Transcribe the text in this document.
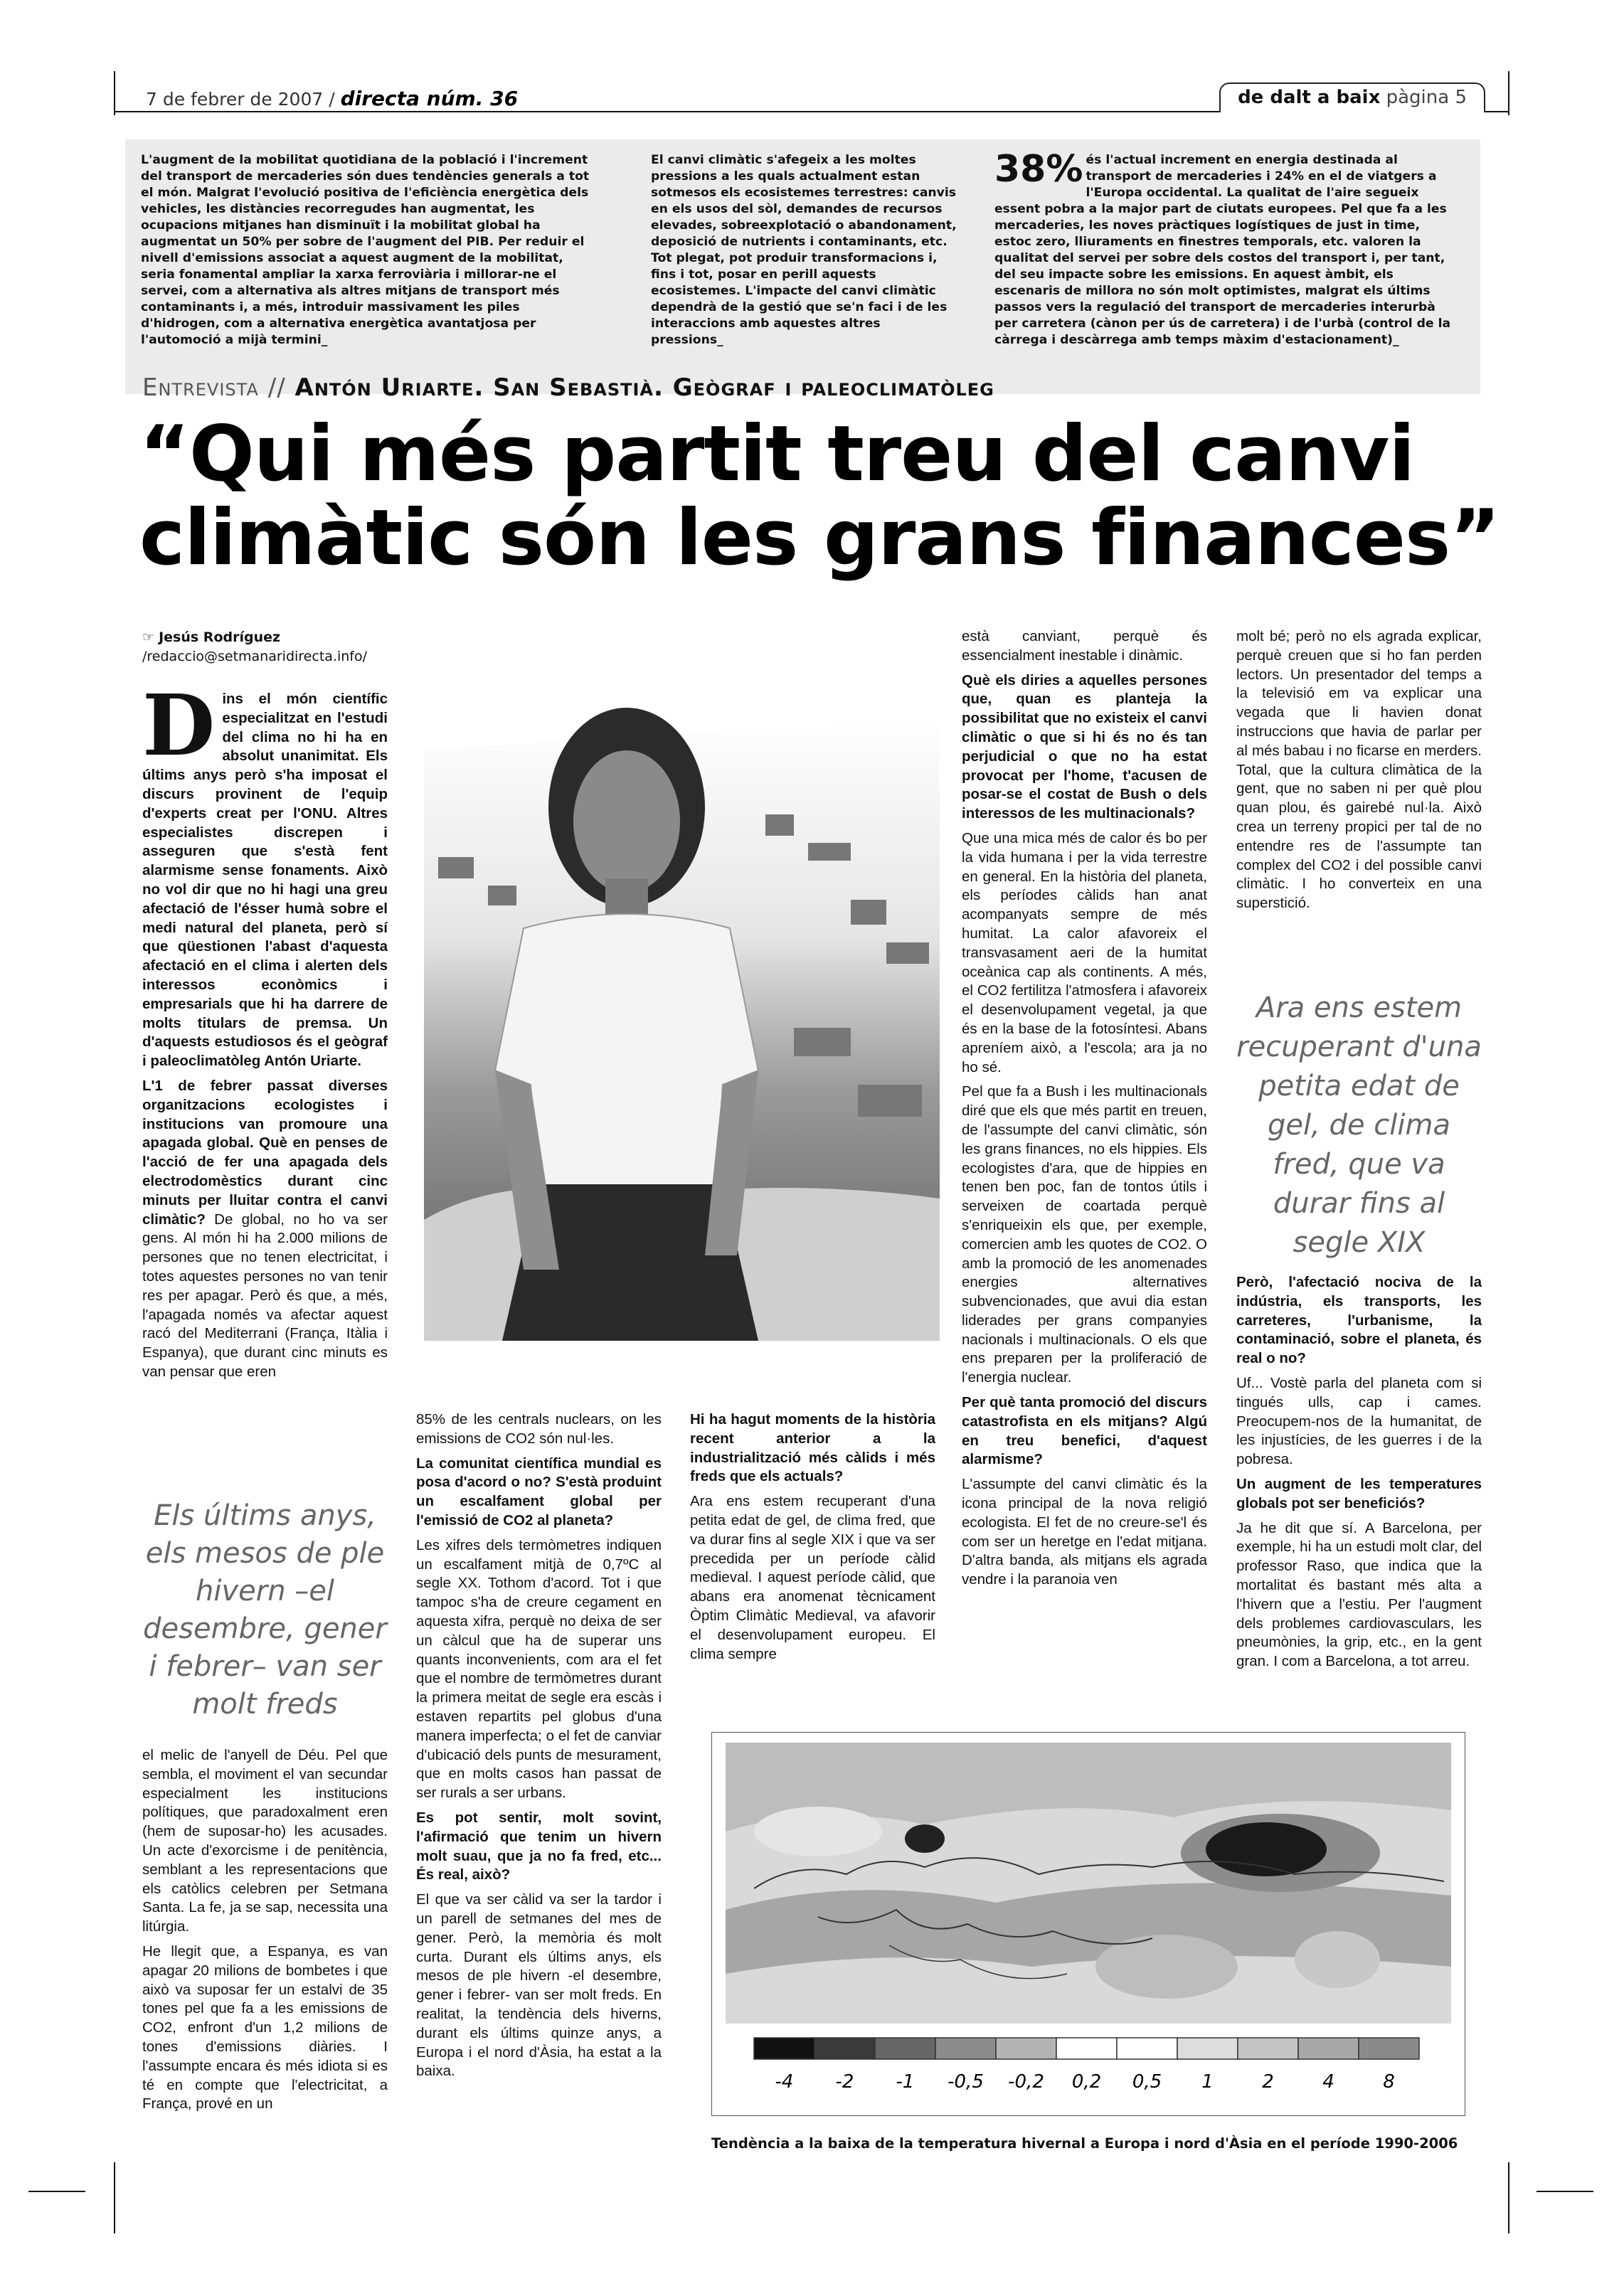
7 de febrer de 2007 / directa núm. 36	de dalt a baix pàgina 5
L'augment de la mobilitat quotidiana de la població i l'increment del transport de mercaderies són dues tendències generals a tot el món. Malgrat l'evolució positiva de l'eficiència energètica dels vehicles, les distàncies recorregudes han augmentat, les ocupacions mitjanes han disminuït i la mobilitat global ha augmentat un 50% per sobre de l'augment del PIB. Per reduir el nivell d'emissions associat a aquest augment de la mobilitat, seria fonamental ampliar la xarxa ferroviària i millorar-ne el servei, com a alternativa als altres mitjans de transport més contaminants i, a més, introduir massivament les piles d'hidrogen, com a alternativa energètica avantatjosa per l'automoció a mijà termini_
El canvi climàtic s'afegeix a les moltes pressions a les quals actualment estan sotmesos els ecosistemes terrestres: canvis en els usos del sòl, demandes de recursos elevades, sobreexplotació o abandonament, deposició de nutrients i contaminants, etc. Tot plegat, pot produir transformacions i, fins i tot, posar en perill aquests ecosistemes. L'impacte del canvi climàtic dependrà de la gestió que se'n faci i de les interaccions amb aquestes altres pressions_
38% és l'actual increment en energia destinada al transport de mercaderies i 24% en el de viatgers a l'Europa occidental. La qualitat de l'aire segueix essent pobra a la major part de ciutats europees. Pel que fa a les mercaderies, les noves pràctiques logístiques de just in time, estoc zero, lliuraments en finestres temporals, etc. valoren la qualitat del servei per sobre dels costos del transport i, per tant, del seu impacte sobre les emissions. En aquest àmbit, els escenaris de millora no són molt optimistes, malgrat els últims passos vers la regulació del transport de mercaderies interurbà per carretera (cànon per ús de carretera) i de l'urbà (control de la càrrega i descàrrega amb temps màxim d'estacionament)_
Entrevista // Antón Uriarte. San Sebastià. Geògraf i paleoclimatòleg
“Qui més partit treu del canvi
climàtic són les grans finances”
☞ Jesús Rodríguez
/redaccio@setmanaridirecta.info/

Dins el món científic especialitzat en l'estudi del clima no hi ha en absolut unanimitat. Els últims anys però s'ha imposat el discurs provinent de l'equip d'experts creat per l'ONU. Altres especialistes discrepen i asseguren que s'està fent alarmisme sense fonaments. Això no vol dir que no hi hagi una greu afectació de l'ésser humà sobre el medi natural del planeta, però sí que qüestionen l'abast d'aquesta afectació en el clima i alerten dels interessos econòmics i empresarials que hi ha darrere de molts titulars de premsa. Un d'aquests estudiosos és el geògraf i paleoclimatòleg Antón Uriarte.

L'1 de febrer passat diverses organitzacions ecologistes i institucions van promoure una apagada global. Què en penses de l'acció de fer una apagada dels electrodomèstics durant cinc minuts per lluitar contra el canvi climàtic? De global, no ho va ser gens. Al món hi ha 2.000 milions de persones que no tenen electricitat, i totes aquestes persones no van tenir res per apagar. Però és que, a més, l'apagada només va afectar aquest racó del Mediterrani (França, Itàlia i Espanya), que durant cinc minuts es van pensar que eren

Els últims anys, els mesos de ple hivern –el desembre, gener i febrer– van ser molt freds

el melic de l'anyell de Déu. Pel que sembla, el moviment el van secundar especialment les institucions polítiques, que paradoxalment eren (hem de suposar-ho) les acusades. Un acte d'exorcisme i de penitència, semblant a les representacions que els catòlics celebren per Setmana Santa. La fe, ja se sap, necessita una litúrgia.

He llegit que, a Espanya, es van apagar 20 milions de bombetes i que això va suposar fer un estalvi de 35 tones pel que fa a les emissions de CO2, enfront d'un 1,2 milions de tones d'emissions diàries. I l'assumpte encara és més idiota si es té en compte que l'electricitat, a França, prové en un

85% de les centrals nuclears, on les emissions de CO2 són nul·les.

La comunitat científica mundial es posa d'acord o no? S'està produint un escalfament global per l'emissió de CO2 al planeta?

Les xifres dels termòmetres indiquen un escalfament mitjà de 0,7ºC al segle XX. Tothom d'acord. Tot i que tampoc s'ha de creure cegament en aquesta xifra, perquè no deixa de ser un càlcul que ha de superar uns quants inconvenients, com ara el fet que el nombre de termòmetres durant la primera meitat de segle era escàs i estaven repartits pel globus d'una manera imperfecta; o el fet de canviar d'ubicació dels punts de mesurament, que en molts casos han passat de ser rurals a ser urbans.

Es pot sentir, molt sovint, l'afirmació que tenim un hivern molt suau, que ja no fa fred, etc... És real, això?

El que va ser càlid va ser la tardor i un parell de setmanes del mes de gener. Però, la memòria és molt curta. Durant els últims anys, els mesos de ple hivern -el desembre, gener i febrer- van ser molt freds. En realitat, la tendència dels hiverns, durant els últims quinze anys, a Europa i el nord d'Àsia, ha estat a la baixa.

Hi ha hagut moments de la història recent anterior a la industrialització més càlids i més freds que els actuals?

Ara ens estem recuperant d'una petita edat de gel, de clima fred, que va durar fins al segle XIX i que va ser precedida per un període càlid medieval. I aquest període càlid, que abans era anomenat tècnicament Òptim Climàtic Medieval, va afavorir el desenvolupament europeu. El clima sempre

està canviant, perquè és essencialment inestable i dinàmic.

Què els diries a aquelles persones que, quan es planteja la possibilitat que no existeix el canvi climàtic o que si hi és no és tan perjudicial o que no ha estat provocat per l'home, t'acusen de posar-se el costat de Bush o dels interessos de les multinacionals?

Que una mica més de calor és bo per la vida humana i per la vida terrestre en general. En la història del planeta, els períodes càlids han anat acompanyats sempre de més humitat. La calor afavoreix el transvasament aeri de la humitat oceànica cap als continents. A més, el CO2 fertilitza l'atmosfera i afavoreix el desenvolupament vegetal, ja que és en la base de la fotosíntesi. Abans apreníem això, a l'escola; ara ja no ho sé.

Pel que fa a Bush i les multinacionals diré que els que més partit en treuen, de l'assumpte del canvi climàtic, són les grans finances, no els hippies. Els ecologistes d'ara, que de hippies en tenen ben poc, fan de tontos útils i serveixen de coartada perquè s'enriqueixin els que, per exemple, comercien amb les quotes de CO2. O amb la promoció de les anomenades energies alternatives subvencionades, que avui dia estan liderades per grans companyies nacionals i multinacionals. O els que ens preparen per la proliferació de l'energia nuclear.

Per què tanta promoció del discurs catastrofista en els mitjans? Algú en treu benefici, d'aquest alarmisme?

L'assumpte del canvi climàtic és la icona principal de la nova religió ecologista. El fet de no creure-se'l és com ser un heretge en l'edat mitjana. D'altra banda, als mitjans els agrada vendre i la paranoia ven

molt bé; però no els agrada explicar, perquè creuen que si ho fan perden lectors. Un presentador del temps a la televisió em va explicar una vegada que li havien donat instruccions que havia de parlar per al més babau i no ficarse en merders. Total, que la cultura climàtica de la gent, que no saben ni per què plou quan plou, és gairebé nul·la. Això crea un terreny propici per tal de no entendre res de l'assumpte tan complex del CO2 i del possible canvi climàtic. I ho converteix en una superstició.

Ara ens estem recuperant d'una petita edat de gel, de clima fred, que va durar fins al segle XIX

Però, l'afectació nociva de la indústria, els transports, les carreteres, l'urbanisme, la contaminació, sobre el planeta, és real o no?

Uf... Vostè parla del planeta com si tingués ulls, cap i cames. Preocupem-nos de la humanitat, de les injustícies, de les guerres i de la pobresa.

Un augment de les temperatures globals pot ser beneficiós?

Ja he dit que sí. A Barcelona, per exemple, hi ha un estudi molt clar, del professor Raso, que indica que la mortalitat és bastant més alta a l'hivern que a l'estiu. Per l'augment dels problemes cardiovasculars, les pneumònies, la grip, etc., en la gent gran. I com a Barcelona, a tot arreu.

-4 -2 -1 -0,5 -0,2 0,2 0,5 1	2	4	8
Tendència a la baixa de la temperatura hivernal a Europa i nord d'Àsia en el període 1990-2006
